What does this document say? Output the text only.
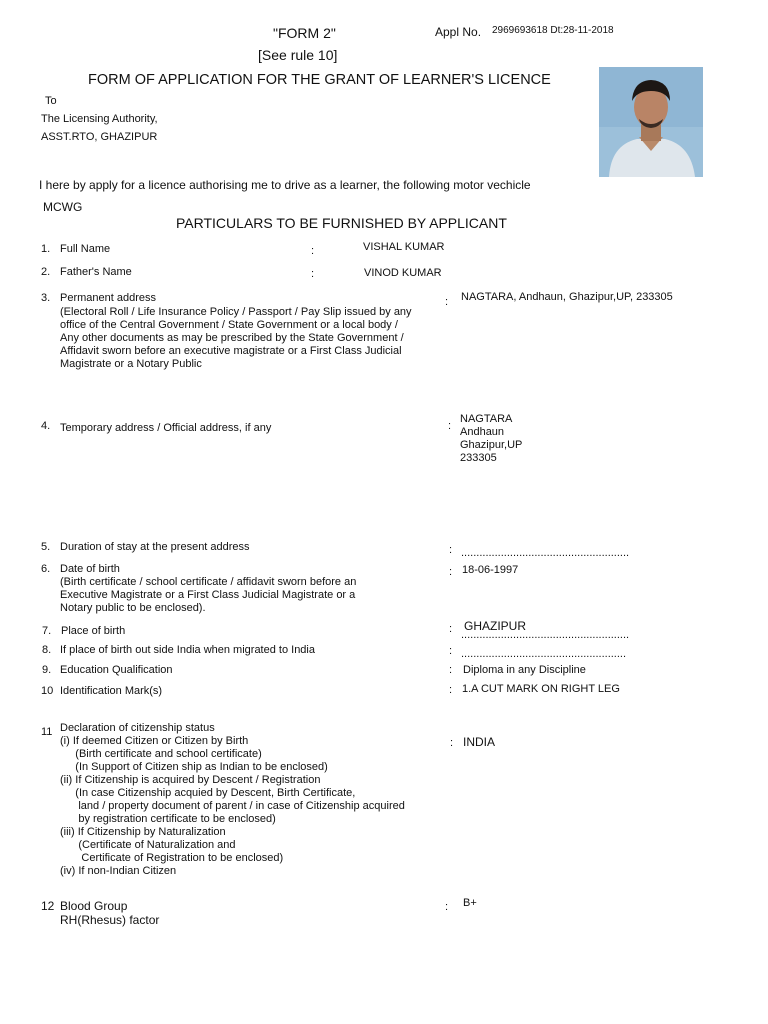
"FORM 2"
[See rule 10]
Appl No. 2969693618 Dt:28-11-2018
FORM OF APPLICATION FOR THE GRANT OF LEARNER'S LICENCE
To
The Licensing Authority,
ASST.RTO, GHAZIPUR
I here by apply for a licence authorising me to drive as a learner, the following motor vechicle
MCWG
PARTICULARS TO BE FURNISHED BY APPLICANT
1. Full Name	:	VISHAL KUMAR
2. Father's Name	:	VINOD KUMAR
3. Permanent address
(Electoral Roll / Life Insurance Policy / Passport / Pay Slip issued by any
office of the Central Government / State Government or a local body /
Any other documents as may be prescribed by the State Government /
Affidavit sworn before an executive magistrate or a First Class Judicial
Magistrate or a Notary Public
: NAGTARA, Andhaun, Ghazipur,UP, 233305
4. Temporary address / Official address, if any	:
NAGTARA
Andhaun
Ghazipur,UP
233305
5. Duration of stay at the present address	: .......................................................
6. Date of birth
(Birth certificate / school certificate / affidavit sworn before an
Executive Magistrate or a First Class Judicial Magistrate or a
Notary public to be enclosed).
: 18-06-1997
7. Place of birth	: GHAZIPUR
.......................................................
8. If place of birth out side India when migrated to India	: ......................................................
9. Education Qualification	: Diploma in any Discipline
10 Identification Mark(s)	: 1.A CUT MARK ON RIGHT LEG
11 Declaration of citizenship status
(i) If deemed Citizen or Citizen by Birth
(Birth certificate and school certificate)
(In Support of Citizen ship as Indian to be enclosed)
(ii) If Citizenship is acquired by Descent / Registration
(In case Citizenship acquied by Descent, Birth Certificate,
land / property document of parent / in case of Citizenship acquired
by registration certificate to be enclosed)
(iii) If Citizenship by Naturalization
(Certificate of Naturalization and
Certificate of Registration to be enclosed)
(iv) If non-Indian Citizen
: INDIA
12 Blood Group
RH(Rhesus) factor
: B+
